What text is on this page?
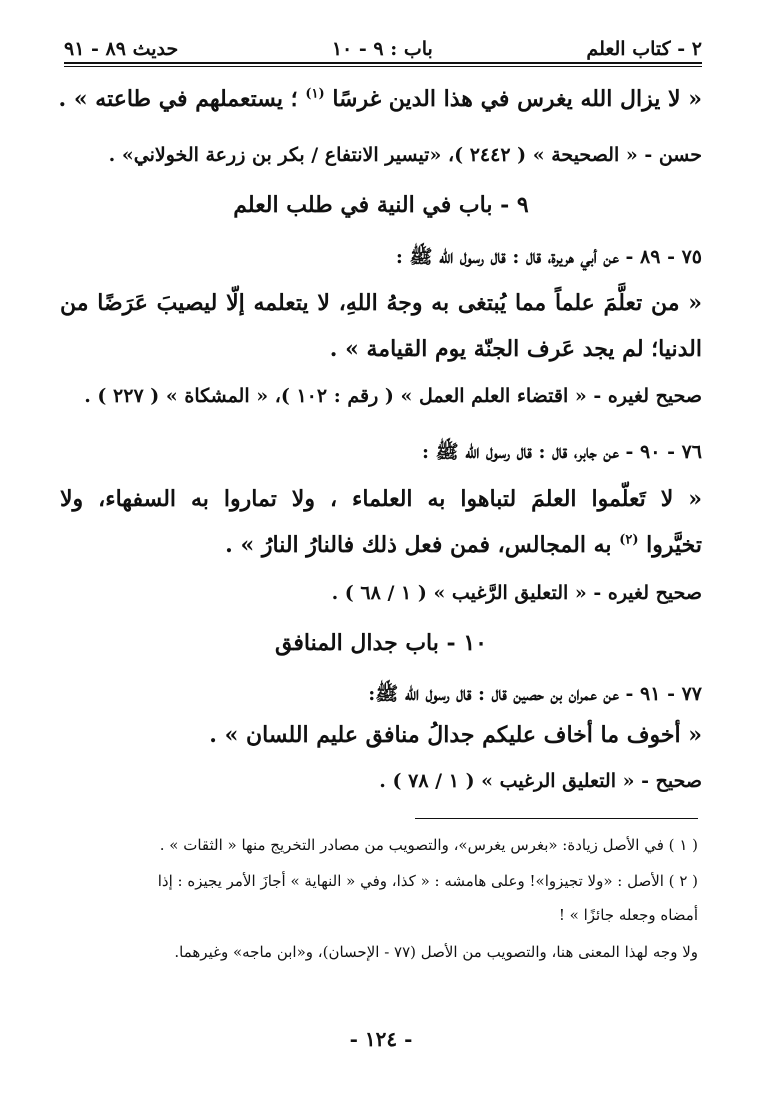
٢ - كتاب العلم
باب : ٩ - ١٠
حديث ٨٩ - ٩١
« لا يزال الله يغرس في هذا الدين غرسًا $^{(١)}$ ؛ يستعملهم في طاعته » .
حسن - « الصحيحة » ( ٢٤٤٢ )، «تيسير الانتفاع / بكر بن زرعة الخولاني» .
٩ - باب في النية في طلب العلم
٧٥ - ٨٩ - عن أبي هريرة، قال : قال رسول الله ﷺ :
« من تعلَّمَ علماً مما يُبتغى به وجهُ اللهِ، لا يتعلمه إلّا ليصيبَ عَرَضًا من
الدنيا؛ لم يجد عَرف الجنّة يوم القيامة » .
صحيح لغيره - « اقتضاء العلم العمل » ( رقم : ١٠٢ )، « المشكاة » ( ٢٢٧ ) .
٧٦ - ٩٠ - عن جابر، قال : قال رسول الله ﷺ :
« لا تَعلّموا العلمَ لتباهوا به العلماء ، ولا تماروا به السفهاء، ولا
تخيَّروا $^{(٢)}$ به المجالس، فمن فعل ذلك فالنارُ النارُ » .
صحيح لغيره - « التعليق الرَّغيب » ( ١ / ٦٨ ) .
١٠ - باب جدال المنافق
٧٧ - ٩١ - عن عمران بن حصين قال : قال رسول الله ﷺ:
« أخوف ما أخاف عليكم جدالُ منافق عليم اللسان » .
صحيح - « التعليق الرغيب » ( ١ / ٧٨ ) .
( ١ ) في الأصل زيادة: «بغرس يغرس»، والتصويب من مصادر التخريج منها « الثقات » .
( ٢ ) الأصل : «ولا تجيزوا»! وعلى هامشه : « كذا، وفي « النهاية » أجازَ الأمر يجيزه : إذا
أمضاه وجعله جائزًا » !
ولا وجه لهذا المعنى هنا، والتصويب من الأصل (٧٧ - الإحسان)، و«ابن ماجه» وغيرهما.
- ١٢٤ -
